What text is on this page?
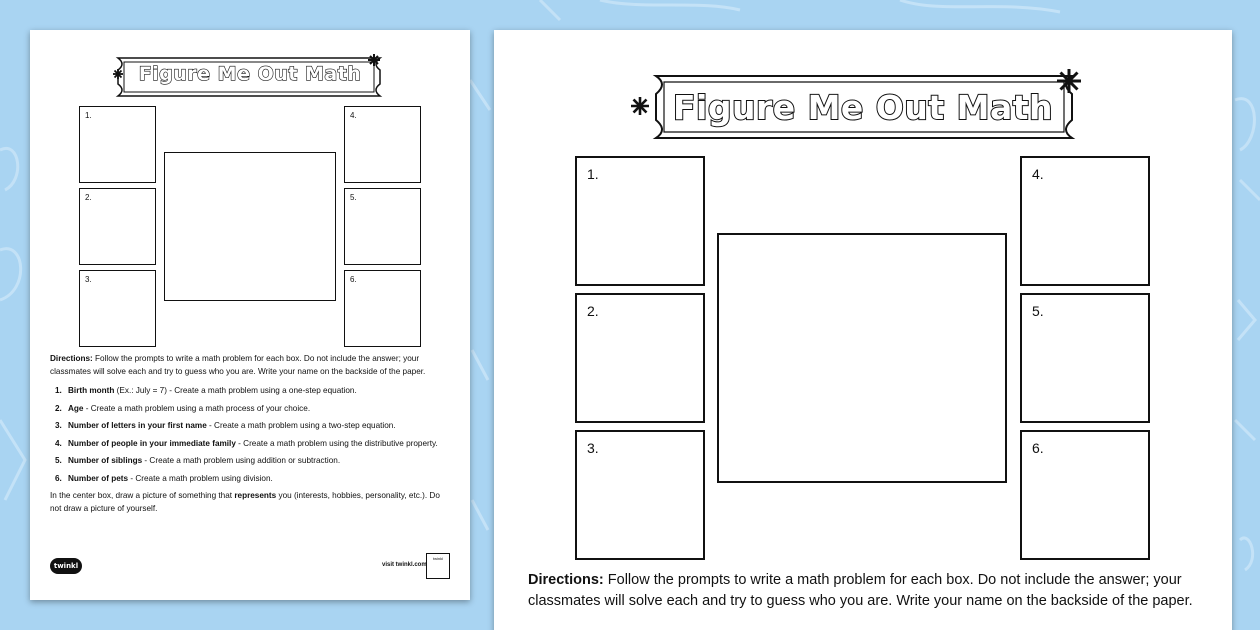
Figure Me Out Math
1.
2.
3.
4.
5.
6.

Directions: Follow the prompts to write a math problem for each box. Do not include the answer; your classmates will solve each and try to guess who you are. Write your name on the backside of the paper.

1. Birth month (Ex.: July = 7) - Create a math problem using a one-step equation.
2. Age - Create a math problem using a math process of your choice.
3. Number of letters in your first name - Create a math problem using a two-step equation.
4. Number of people in your immediate family - Create a math problem using the distributive property.
5. Number of siblings - Create a math problem using addition or subtraction.
6. Number of pets - Create a math problem using division.

In the center box, draw a picture of something that represents you (interests, hobbies, personality, etc.). Do not draw a picture of yourself.

twinkl	visit twinkl.com
twinkl
Figure Me Out Math
1.
2.
3.
4.
5.
6.
Directions: Follow the prompts to write a math problem for each box. Do not include the answer; your classmates will solve each and try to guess who you are. Write your name on the backside of the paper.
